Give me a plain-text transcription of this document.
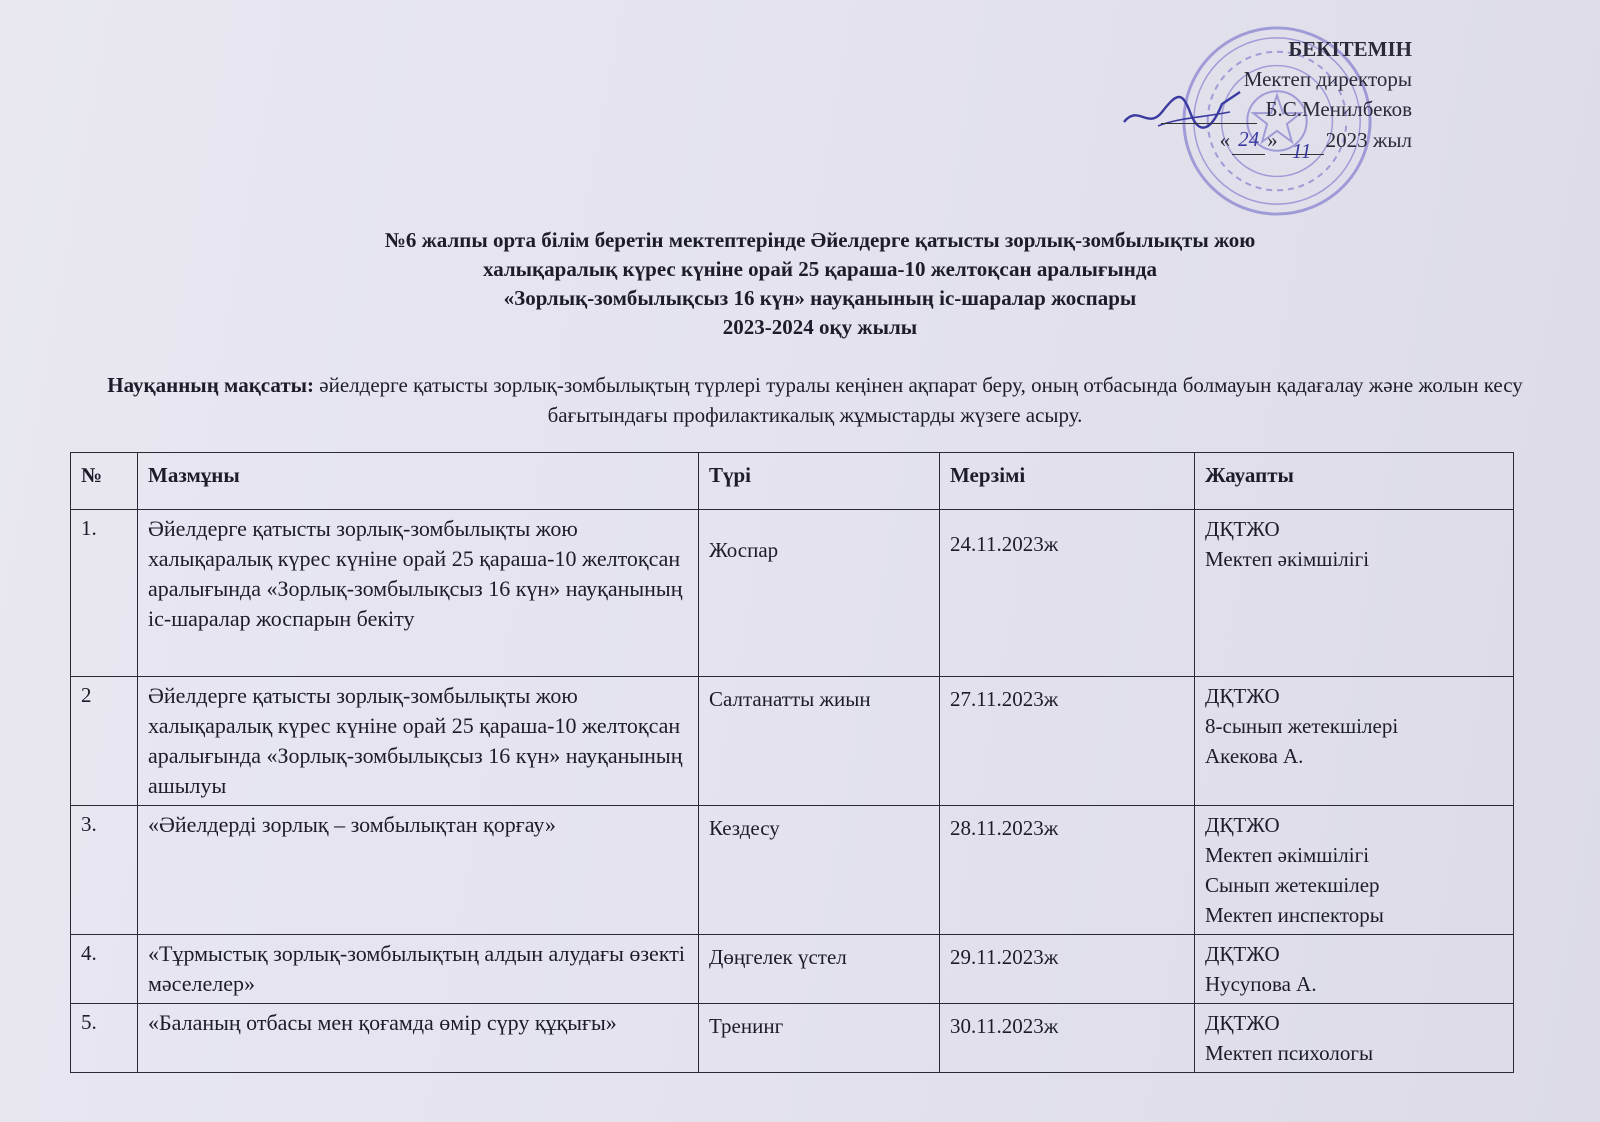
БЕКІТЕМІН
Мектеп директоры
Б.С.Менилбеков
« 24 » 11 2023 жыл
№6 жалпы орта білім беретін мектептерінде Әйелдерге қатысты зорлық-зомбылықты жою
халықаралық күрес күніне орай 25 қараша-10 желтоқсан аралығында
«Зорлық-зомбылықсыз 16 күн» науқанының іс-шаралар жоспары
2023-2024 оқу жылы
Науқанның мақсаты: әйелдерге қатысты зорлық-зомбылықтың түрлері туралы кеңінен ақпарат беру, оның отбасында болмауын қадағалау және жолын кесу бағытындағы профилактикалық жұмыстарды жүзеге асыру.
№	Мазмұны	Түрі	Мерзімі	Жауапты
1.	Әйелдерге қатысты зорлық-зомбылықты жою халықаралық күрес күніне орай 25 қараша-10 желтоқсан аралығында «Зорлық-зомбылықсыз 16 күн» науқанының іс-шаралар жоспарын бекіту	Жоспар	24.11.2023ж	ДҚТЖО
Мектеп әкімшілігі

2	Әйелдерге қатысты зорлық-зомбылықты жою халықаралық күрес күніне орай 25 қараша-10 желтоқсан аралығында «Зорлық-зомбылықсыз 16 күн» науқанының ашылуы	Салтанатты жиын	27.11.2023ж	ДҚТЖО
8-сынып жетекшілері
Акекова А.

3.	«Әйелдерді зорлық – зомбылықтан қорғау»	Кездесу	28.11.2023ж	ДҚТЖО
Мектеп әкімшілігі
Сынып жетекшілер
Мектеп инспекторы

4.	«Тұрмыстық зорлық-зомбылықтың алдын алудағы өзекті мәселелер»	Дөңгелек үстел	29.11.2023ж	ДҚТЖО
Нусупова А.

5.	«Баланың отбасы мен қоғамда өмір сүру құқығы»	Тренинг	30.11.2023ж	ДҚТЖО
Мектеп психологы
